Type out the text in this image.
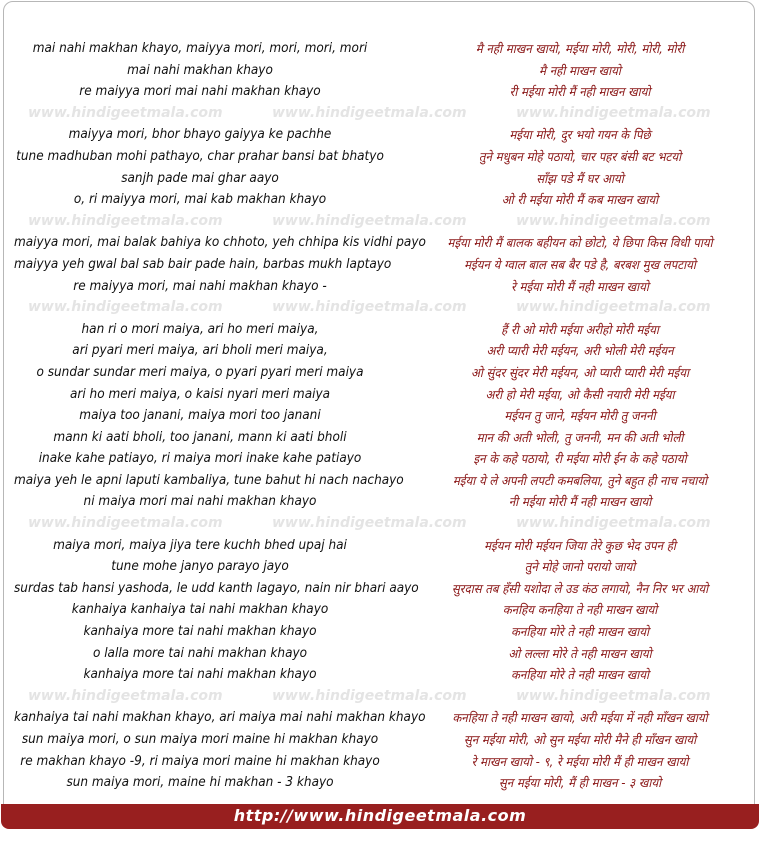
mai nahi makhan khayo, maiyya mori, mori, mori, mori
mai nahi makhan khayo
re maiyya mori mai nahi makhan khayo
www.hindigeetmala.com	www.hindigeetmala.com
maiyya mori, bhor bhayo gaiyya ke pachhe
tune madhuban mohi pathayo, char prahar bansi bat bhatyo
sanjh pade mai ghar aayo
o, ri maiyya mori, mai kab makhan khayo
www.hindigeetmala.com	www.hindigeetmala.com
maiyya mori, mai balak bahiya ko chhoto, yeh chhipa kis vidhi payo
maiyya yeh gwal bal sab bair pade hain, barbas mukh laptayo
re maiyya mori, mai nahi makhan khayo -
www.hindigeetmala.com	www.hindigeetmala.com
han ri o mori maiya, ari ho meri maiya,
ari pyari meri maiya, ari bholi meri maiya,
o sundar sundar meri maiya, o pyari pyari meri maiya
ari ho meri maiya, o kaisi nyari meri maiya
maiya too janani, maiya mori too janani
mann ki aati bholi, too janani, mann ki aati bholi
inake kahe patiayo, ri maiya mori inake kahe patiayo
maiya yeh le apni laputi kambaliya, tune bahut hi nach nachayo
ni maiya mori mai nahi makhan khayo
www.hindigeetmala.com	www.hindigeetmala.com
maiya mori, maiya jiya tere kuchh bhed upaj hai
tune mohe janyo parayo jayo
surdas tab hansi yashoda, le udd kanth lagayo, nain nir bhari aayo
kanhaiya kanhaiya tai nahi makhan khayo
kanhaiya more tai nahi makhan khayo
o lalla more tai nahi makhan khayo
kanhaiya more tai nahi makhan khayo
www.hindigeetmala.com	www.hindigeetmala.com
kanhaiya tai nahi makhan khayo, ari maiya mai nahi makhan khayo
sun maiya mori, o sun maiya mori maine hi makhan khayo
re makhan khayo -9, ri maiya mori maine hi makhan khayo
sun maiya mori, maine hi makhan - 3 khayo
मै नही माखन खायो, मईया मोरी, मोरी, मोरी, मोरी
मै नही माखन खायो
री मईया मोरी मैं नही माखन खायो
www.hindigeetmala.com
मईया मोरी, दुर भयो गयन के पिछे
तुने मधुबन मोहे पठायो, चार पहर बंसी बट भटयो
साँझ पडे मैं घर आयो
ओ री मईया मोरी मैं कब माखन खायो
www.hindigeetmala.com
मईया मोरी मैं बालक बहीयन को छोटो, ये छिपा किस विधी पायो
मईयन ये ग्वाल बाल सब बैर पडे है, बरबश मुख लपटायो
रे मईया मोरी मैं नही माखन खायो
www.hindigeetmala.com
हैं री ओ मोरी मईया अरीहो मोरी मईया
अरी प्यारी मेरी मईयन, अरी भोली मेरी मईयन
ओ सुंदर सुंदर मेरी मईयन, ओ प्यारी प्यारी मेरी मईया
अरी हो मेरी मईया, ओ कैसी नयारी मेरी मईया
मईयन तु जाने, मईयन मोरी तु जननी
मान की अती भोली, तु जननी, मन की अती भोली
इन के कहे पठायो, री मईया मोरी ईन के कहे पठायो
मईया ये ले अपनी लपटी कमबलिया, तुने बहुत ही नाच नचायो
नी मईया मोरी मैं नही माखन खायो
www.hindigeetmala.com
मईयन मोरी मईयन जिया तेरे कुछ भेद उपन ही
तुने मोहे जानो परायो जायो
सुरदास तब हँसी यशोदा ले उड कंठ लगायो, नैन निर भर आयो
कनहिय कनहिया ते नही माखन खायो
कनहिया मोरे ते नही माखन खायो
ओ लल्ला मोरे ते नही माखन खायो
कनहिया मोरे ते नही माखन खायो
www.hindigeetmala.com
कनहिया ते नही माखन खायो, अरी मईया में नही माँखन खायो
सुन मईया मोरी, ओ सुन मईया मोरी मैने ही माँखन खायो
रे माखन खायो - ९, रे मईया मोरी मैं ही माखन खायो
सुन मईया मोरी, मैं ही माखन - ३ खायो
http://www.hindigeetmala.com
